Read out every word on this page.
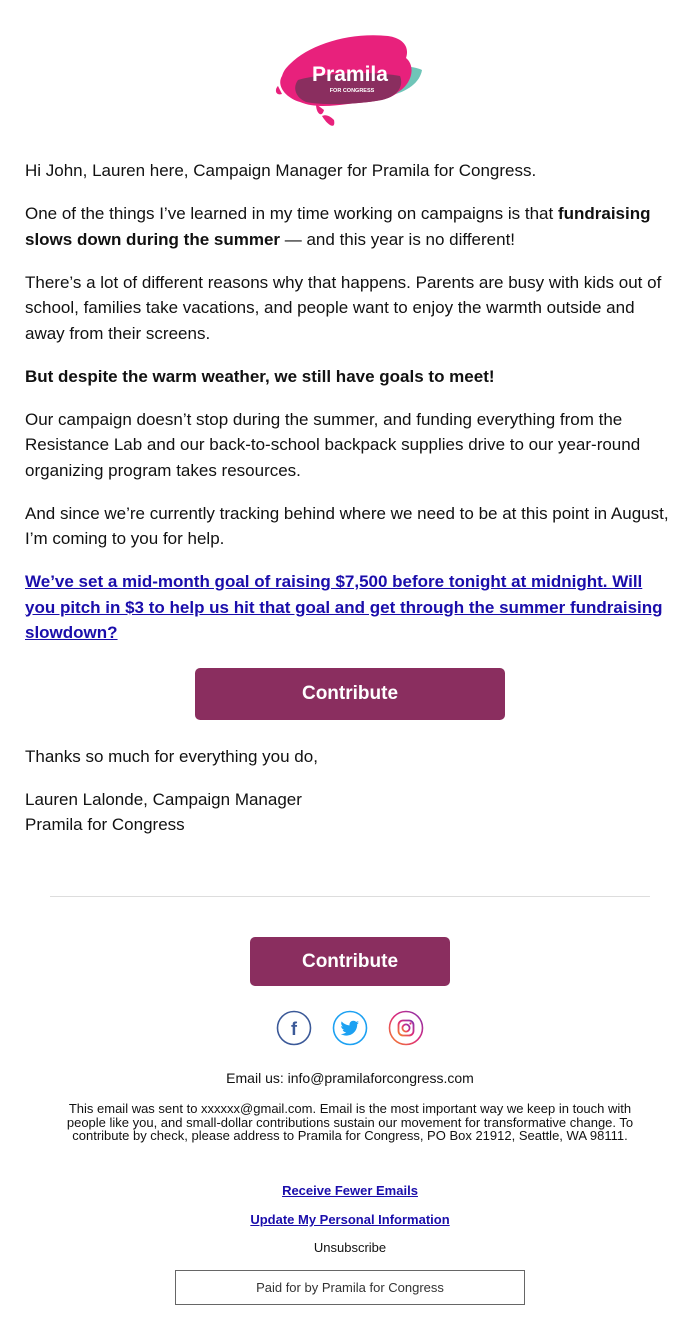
Pramila
FOR CONGRESS

Hi John, Lauren here, Campaign Manager for Pramila for Congress.

One of the things I’ve learned in my time working on campaigns is that fundraising slows down during the summer — and this year is no different!

There’s a lot of different reasons why that happens. Parents are busy with kids out of school, families take vacations, and people want to enjoy the warmth outside and away from their screens.

But despite the warm weather, we still have goals to meet!

Our campaign doesn’t stop during the summer, and funding everything from the Resistance Lab and our back-to-school backpack supplies drive to our year-round organizing program takes resources.

And since we’re currently tracking behind where we need to be at this point in August, I’m coming to you for help.

We’ve set a mid-month goal of raising $7,500 before tonight at midnight. Will you pitch in $3 to help us hit that goal and get through the summer fundraising slowdown?

Contribute

Thanks so much for everything you do,

Lauren Lalonde, Campaign Manager
Pramila for Congress
Contribute
f
Email us: info@pramilaforcongress.com
This email was sent to xxxxxx@gmail.com. Email is the most important way we keep in touch with people like you, and small-dollar contributions sustain our movement for transformative change. To contribute by check, please address to Pramila for Congress, PO Box 21912, Seattle, WA 98111.
Receive Fewer Emails
Update My Personal Information
Unsubscribe
Paid for by Pramila for Congress
